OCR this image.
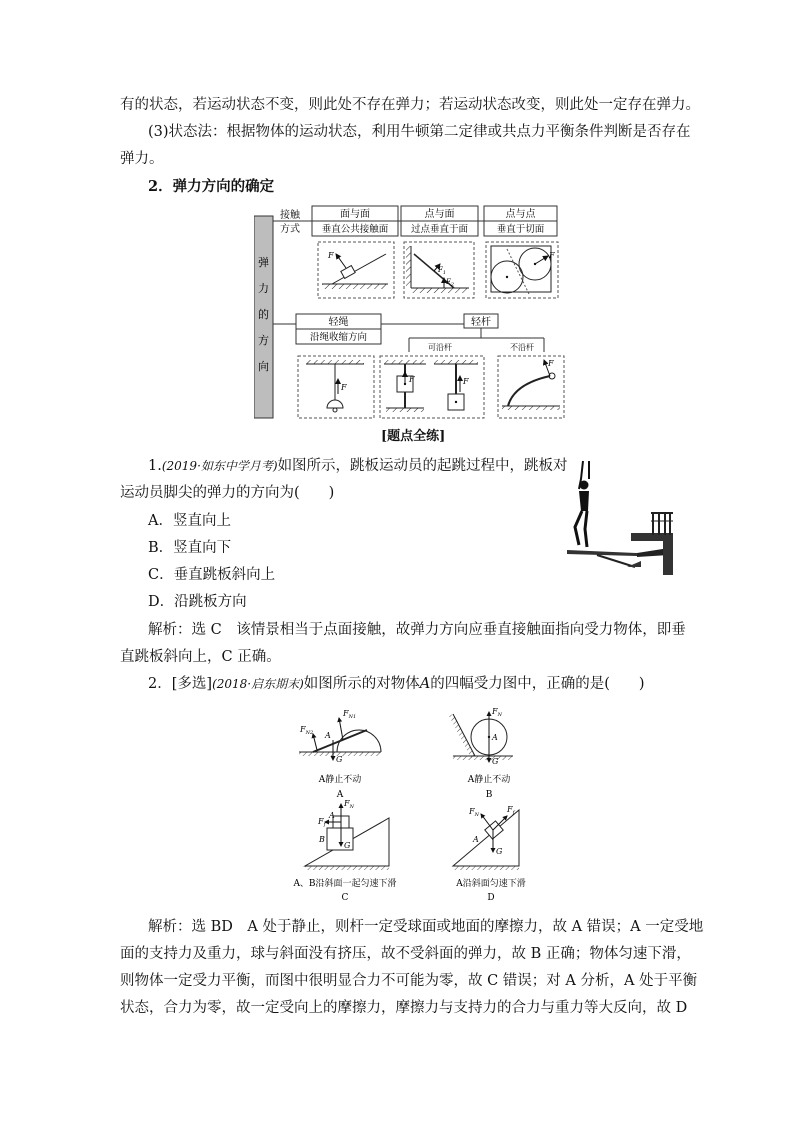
有的状态，若运动状态不变，则此处不存在弹力；若运动状态改变，则此处一定存在弹力。
(3)状态法：根据物体的运动状态，利用牛顿第二定律或共点力平衡条件判断是否存在
弹力。
2．弹力方向的确定
弹
力
的
方
向
接触
方式
面与面
垂直公共接触面
点与面
过点垂直于面
点与点
垂直于切面
F
$F_1$
$F_2$
F
轻绳
沿绳收缩方向
轻杆
可沿杆	不沿杆
F
F	F
F
[题点全练]
1.(2019·如东中学月考)如图所示，跳板运动员的起跳过程中，跳板对
运动员脚尖的弹力的方向为(　　)
A．竖直向上
B．竖直向下
C．垂直跳板斜向上
D．沿跳板方向
解析：选 C　该情景相当于点面接触，故弹力方向应垂直接触面指向受力物体，即垂
直跳板斜向上，C 正确。
2．[多选](2018·启东期末)如图所示的对物体A的四幅受力图中，正确的是(　　)
$F_{N1}$
$F_{N2}$
G
A
A静止不动
A
$F_N$
G
A
A静止不动
B
$F_N$
$F_f$
G
A
B
A、B沿斜面一起匀速下滑
C
$F_N$
$F_f$
G
A
A沿斜面匀速下滑
D
解析：选 BD　A 处于静止，则杆一定受球面或地面的摩擦力，故 A 错误；A 一定受地
面的支持力及重力，球与斜面没有挤压，故不受斜面的弹力，故 B 正确；物体匀速下滑，
则物体一定受力平衡，而图中很明显合力不可能为零，故 C 错误；对 A 分析，A 处于平衡
状态，合力为零，故一定受向上的摩擦力，摩擦力与支持力的合力与重力等大反向，故 D
